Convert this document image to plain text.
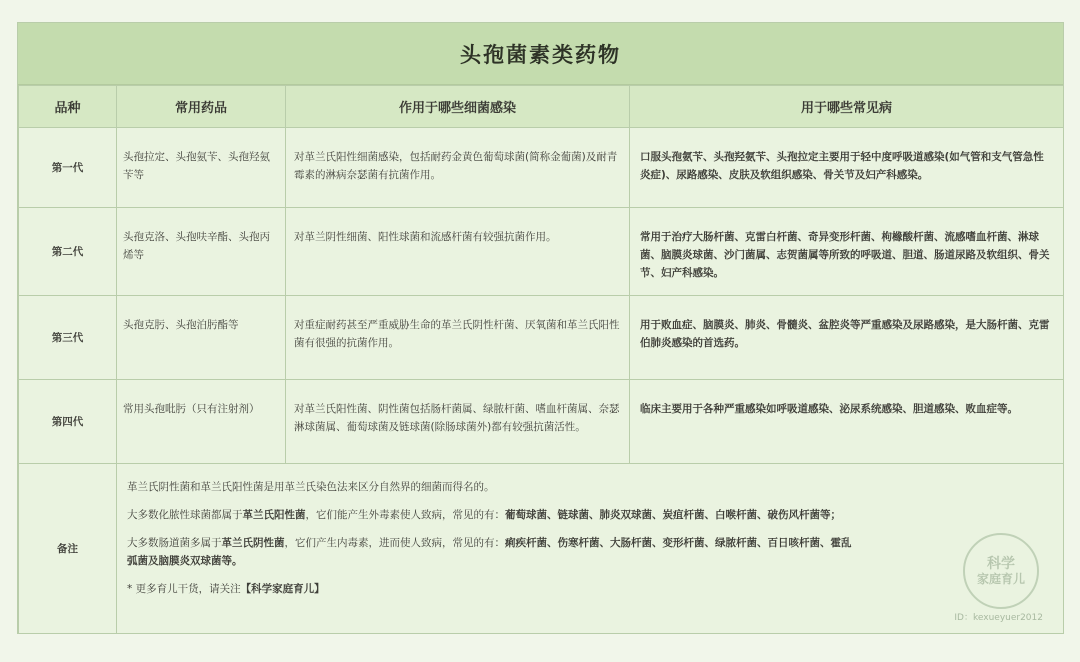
头孢菌素类药物
品种	常用药品	作用于哪些细菌感染	用于哪些常见病
第一代	头孢拉定、头孢氨苄、头孢羟氨苄等	对革兰氏阳性细菌感染，包括耐药金黄色葡萄球菌(简称金葡菌)及耐青霉素的淋病奈瑟菌有抗菌作用。	口服头孢氨苄、头孢羟氨苄、头孢拉定主要用于轻中度呼吸道感染(如气管和支气管急性炎症)、尿路感染、皮肤及软组织感染、骨关节及妇产科感染。
第二代	头孢克洛、头孢呋辛酯、头孢丙烯等	对革兰阴性细菌、阳性球菌和流感杆菌有较强抗菌作用。	常用于治疗大肠杆菌、克雷白杆菌、奇异变形杆菌、枸橼酸杆菌、流感嗜血杆菌、淋球菌、脑膜炎球菌、沙门菌属、志贺菌属等所致的呼吸道、胆道、肠道尿路及软组织、骨关节、妇产科感染。
第三代	头孢克肟、头孢泊肟酯等	对重症耐药甚至严重威胁生命的革兰氏阴性杆菌、厌氧菌和革兰氏阳性菌有很强的抗菌作用。	用于败血症、脑膜炎、肺炎、骨髓炎、盆腔炎等严重感染及尿路感染，是大肠杆菌、克雷伯肺炎感染的首选药。
第四代	常用头孢吡肟（只有注射剂）	对革兰氏阳性菌、阴性菌包括肠杆菌属、绿脓杆菌、嗜血杆菌属、奈瑟淋球菌属、葡萄球菌及链球菌(除肠球菌外)都有较强抗菌活性。	临床主要用于各种严重感染如呼吸道感染、泌尿系统感染、胆道感染、败血症等。
备注	革兰氏阴性菌和革兰氏阳性菌是用革兰氏染色法来区分自然界的细菌而得名的。

大多数化脓性球菌都属于革兰氏阳性菌，它们能产生外毒素使人致病，常见的有：葡萄球菌、链球菌、肺炎双球菌、炭疽杆菌、白喉杆菌、破伤风杆菌等；

大多数肠道菌多属于革兰氏阴性菌，它们产生内毒素，进而使人致病，常见的有：痢疾杆菌、伤寒杆菌、大肠杆菌、变形杆菌、绿脓杆菌、百日咳杆菌、霍乱弧菌及脑膜炎双球菌等。

* 更多育儿干货，请关注【科学家庭育儿】		

科学
家庭育儿
ID：kexueyuer2012
